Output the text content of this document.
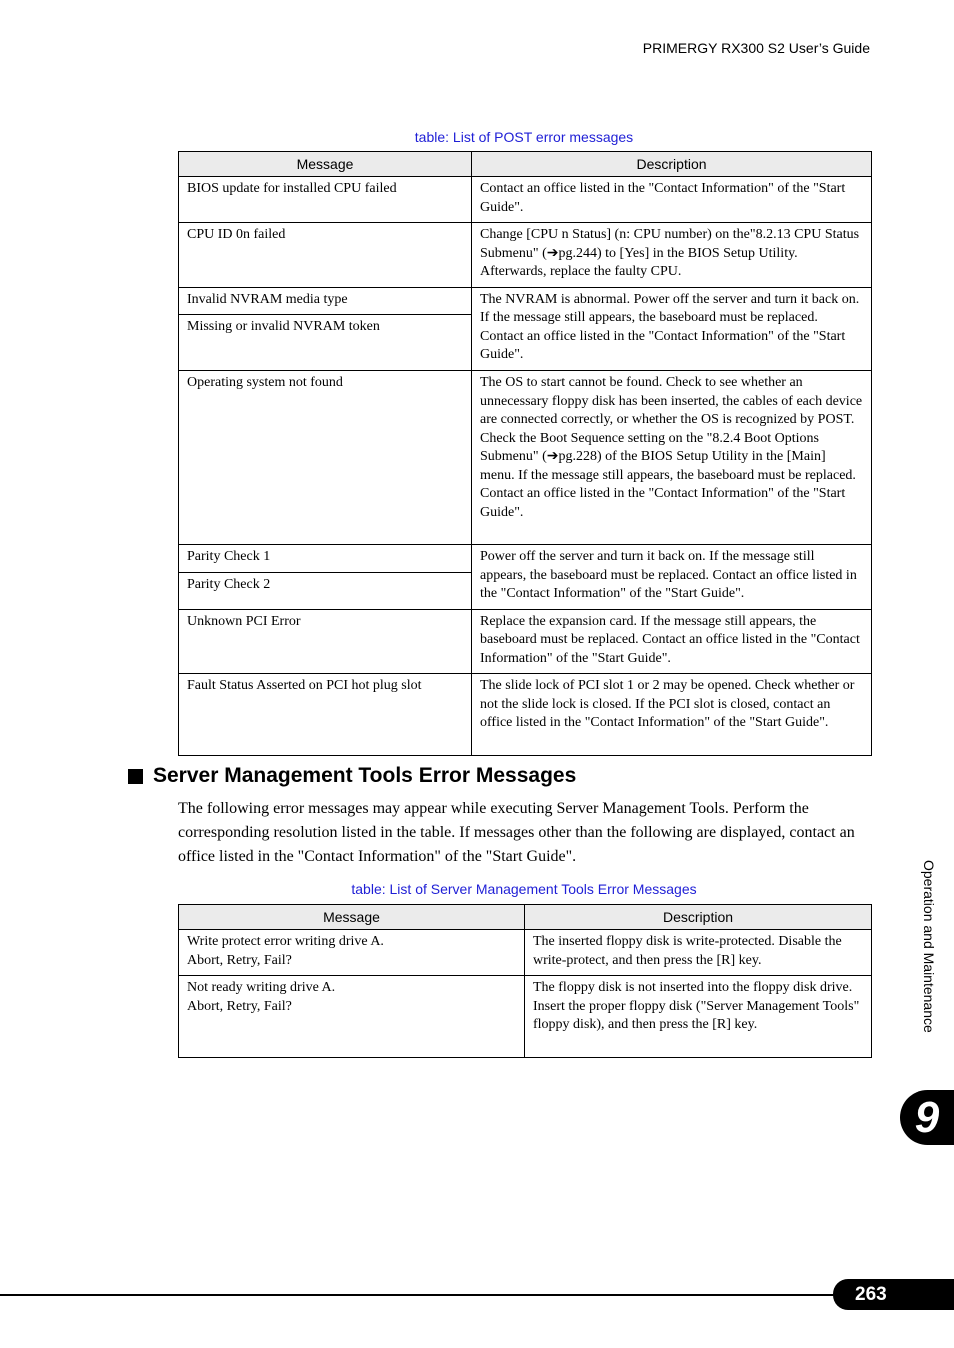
PRIMERGY RX300 S2 User’s Guide
table: List of POST error messages
Message	Description
BIOS update for installed CPU failed	Contact an office listed in the "Contact Information" of the "Start Guide".
CPU ID 0n failed	Change [CPU n Status] (n: CPU number) on the"8.2.13 CPU Status Submenu" (➔pg.244) to [Yes] in the BIOS Setup Utility. Afterwards, replace the faulty CPU.
Invalid NVRAM media type	The NVRAM is abnormal. Power off the server and turn it back on. If the message still appears, the baseboard must be replaced. Contact an office listed in the "Contact Information" of the "Start Guide".
Missing or invalid NVRAM token	
Operating system not found	The OS to start cannot be found. Check to see whether an unnecessary floppy disk has been inserted, the cables of each device are connected correctly, or whether the OS is recognized by POST.
Check the Boot Sequence setting on the "8.2.4 Boot Options Submenu" (➔pg.228) of the BIOS Setup Utility in the [Main] menu. If the message still appears, the baseboard must be replaced. Contact an office listed in the "Contact Information" of the "Start Guide".

Parity Check 1	Power off the server and turn it back on. If the message still appears, the baseboard must be replaced. Contact an office listed in the "Contact Information" of the "Start Guide".
Parity Check 2	
Unknown PCI Error	Replace the expansion card. If the message still appears, the baseboard must be replaced. Contact an office listed in the "Contact Information" of the "Start Guide".
Fault Status Asserted on PCI hot plug slot	The slide lock of PCI slot 1 or 2 may be opened. Check whether or not the slide lock is closed. If the PCI slot is closed, contact an office listed in the "Contact Information" of the "Start Guide".
Server Management Tools Error Messages
The following error messages may appear while executing Server Management Tools. Perform the corresponding resolution listed in the table. If messages other than the following are displayed, contact an office listed in the "Contact Information" of the "Start Guide".
table: List of Server Management Tools Error Messages
Message	Description

Write protect error writing drive A.
Abort, Retry, Fail?	The inserted floppy disk is write-protected. Disable the write-protect, and then press the [R] key.

Not ready writing drive A.
Abort, Retry, Fail?	The floppy disk is not inserted into the floppy disk drive. Insert the proper floppy disk ("Server Management Tools" floppy disk), and then press the [R] key.	Operation and Maintenance
9
263
